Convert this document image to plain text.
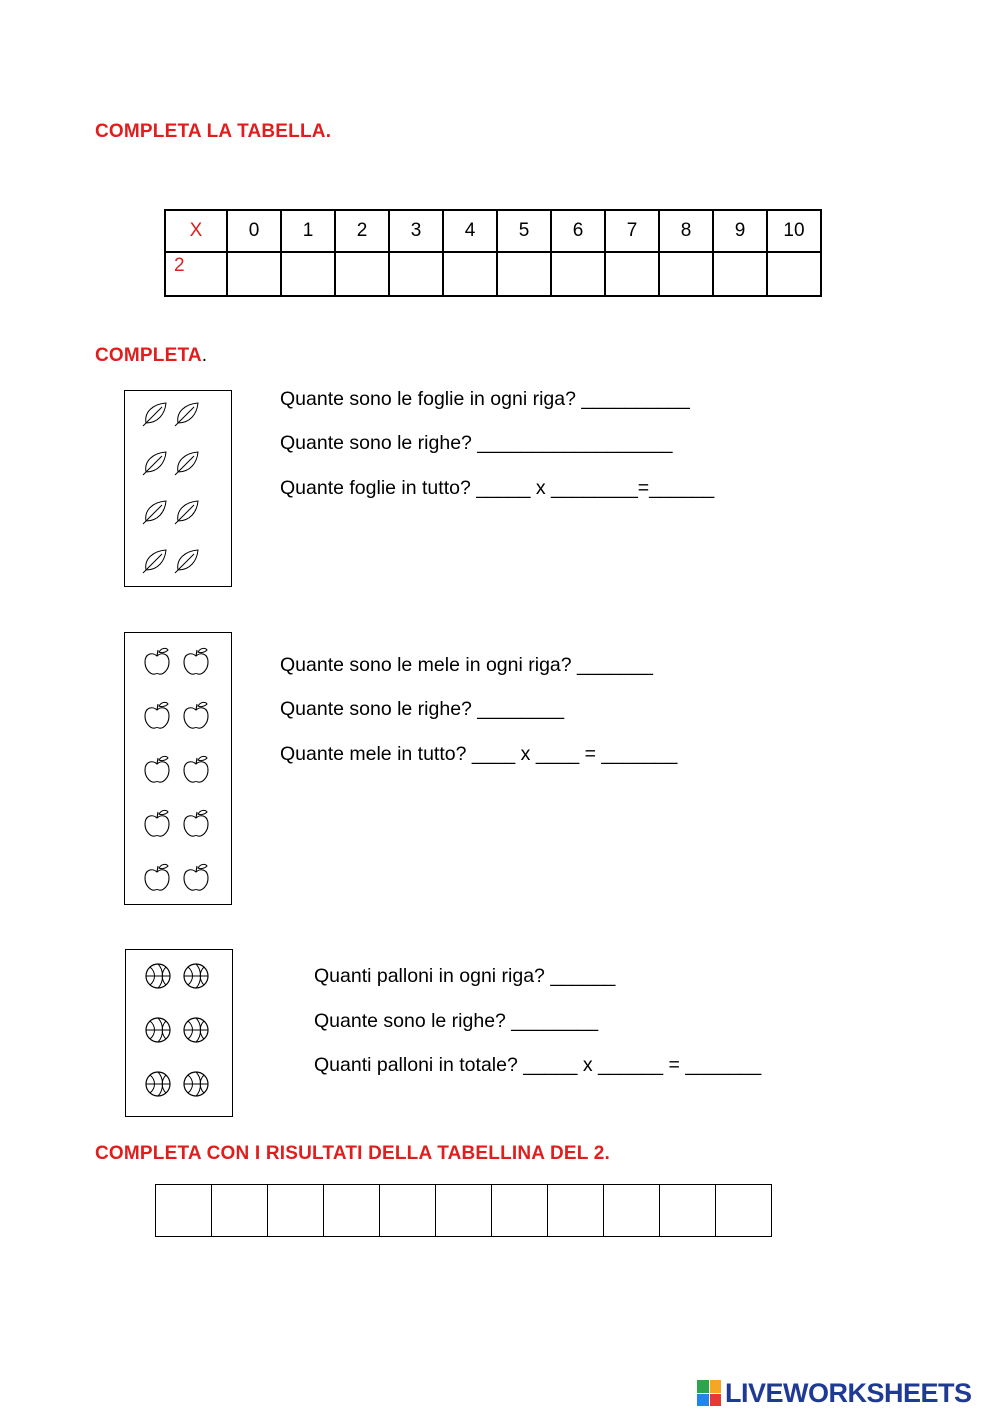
COMPLETA LA TABELLA.
X	0	1	2	3	4	5	6	7	8	9	10
2											
COMPLETA.

Quante sono le foglie in ogni riga? __________

Quante sono le righe? __________________

Quante foglie in tutto? _____ x ________=______

Quante sono le mele in ogni riga? _______

Quante sono le righe? ________

Quante mele in tutto? ____ x ____ = _______

Quanti palloni in ogni riga? ______

Quante sono le righe? ________

Quanti palloni in totale? _____ x ______ = _______

COMPLETA CON I RISULTATI DELLA TABELLINA DEL 2.

LIVEWORKSHEETS
